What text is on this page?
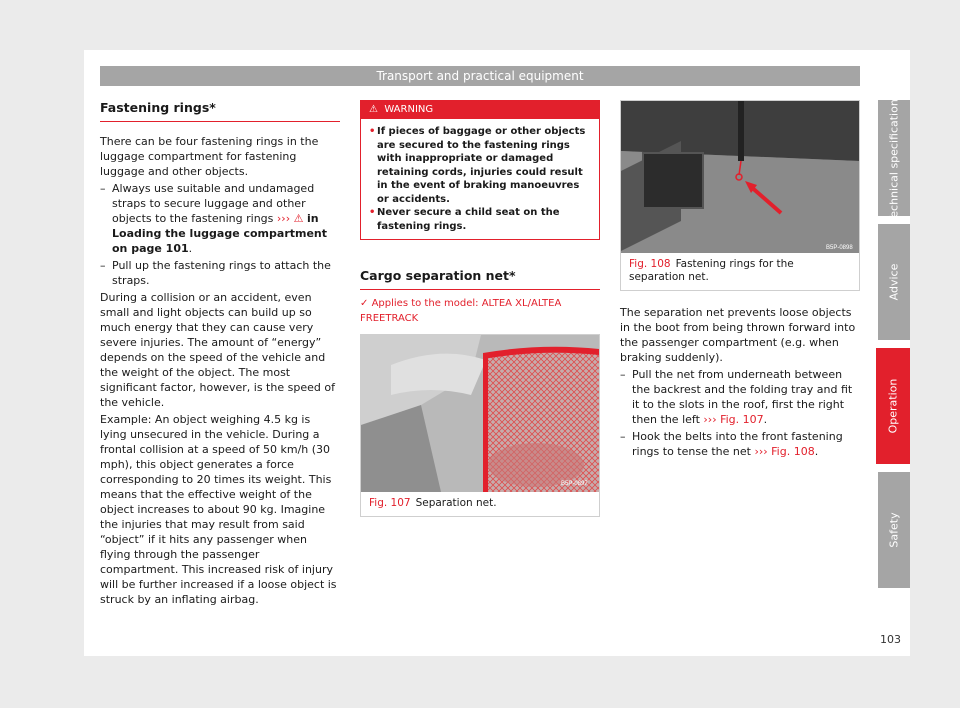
Transport and practical equipment
Technical specifications
Advice
Operation
Safety
Fastening rings*

There can be four fastening rings in the luggage compartment for fastening luggage and other objects.

– Always use suitable and undamaged straps to secure luggage and other objects to the fastening rings ››› ⚠ in Loading the luggage compartment on page 101.
– Pull up the fastening rings to attach the straps.

During a collision or an accident, even small and light objects can build up so much energy that they can cause very severe injuries. The amount of “energy” depends on the speed of the vehicle and the weight of the object. The most significant factor, however, is the speed of the vehicle.

Example: An object weighing 4.5 kg is lying unsecured in the vehicle. During a frontal collision at a speed of 50 km/h (30 mph), this object generates a force corresponding to 20 times its weight. This means that the effective weight of the object increases to about 90 kg. Imagine the injuries that may result from said “object” if it hits any passenger when flying through the passenger compartment. This increased risk of injury will be further increased if a loose object is struck by an inflating airbag.

⚠ WARNING
• If pieces of baggage or other objects are secured to the fastening rings with inappropriate or damaged retaining cords, injuries could result in the event of braking manoeuvres or accidents.
• Never secure a child seat on the fastening rings.
Cargo separation net*
✓ Applies to the model: ALTEA XL/ALTEA FREETRACK
B5P-0897
Fig. 107 Separation net.
B5P-0898
Fig. 108 Fastening rings for the separation net.

The separation net prevents loose objects in the boot from being thrown forward into the passenger compartment (e.g. when braking suddenly).

– Pull the net from underneath between the backrest and the folding tray and fit it to the slots in the roof, first the right then the left ››› Fig. 107.
– Hook the belts into the front fastening rings to tense the net ››› Fig. 108.
103
